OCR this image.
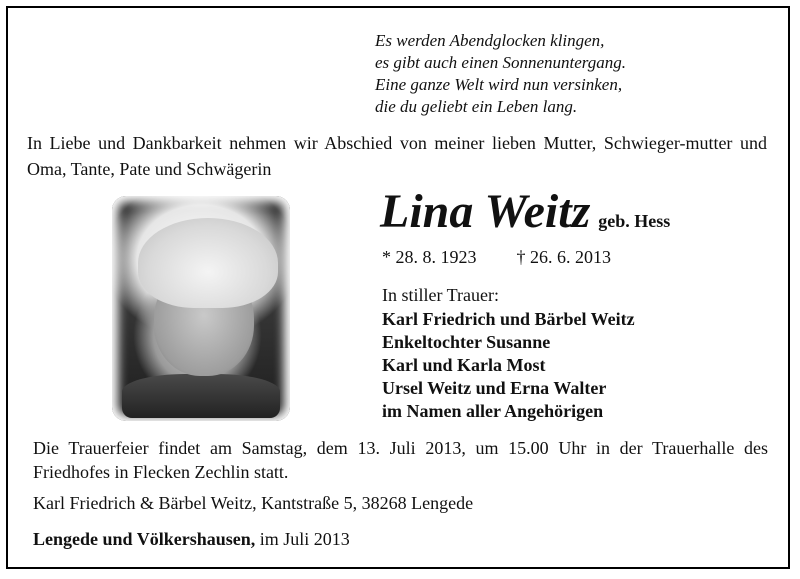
Es werden Abendglocken klingen,
es gibt auch einen Sonnenuntergang.
Eine ganze Welt wird nun versinken,
die du geliebt ein Leben lang.
In Liebe und Dankbarkeit nehmen wir Abschied von meiner lieben Mutter, Schwieger-mutter und Oma, Tante, Pate und Schwägerin
Lina Weitz geb. Hess
* 28. 8. 1923 † 26. 6. 2013
In stiller Trauer:
Karl Friedrich und Bärbel Weitz
Enkeltochter Susanne
Karl und Karla Most
Ursel Weitz und Erna Walter
im Namen aller Angehörigen
Die Trauerfeier findet am Samstag, dem 13. Juli 2013, um 15.00 Uhr in der Trauerhalle des Friedhofes in Flecken Zechlin statt.
Karl Friedrich & Bärbel Weitz, Kantstraße 5, 38268 Lengede
Lengede und Völkershausen, im Juli 2013
